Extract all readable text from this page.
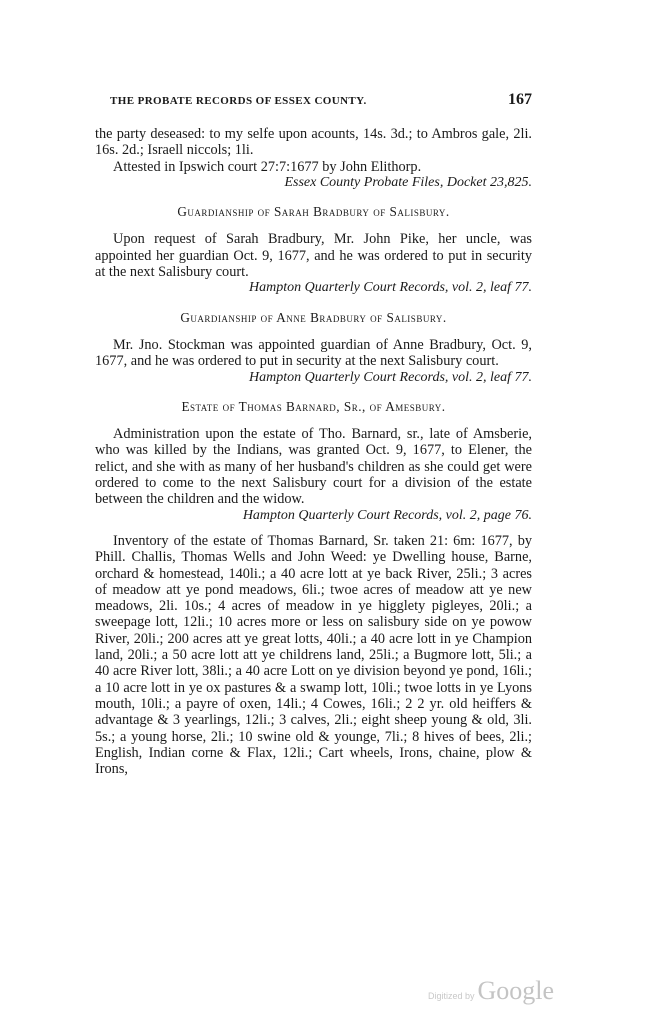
THE PROBATE RECORDS OF ESSEX COUNTY.	167

the party deseased: to my selfe upon acounts, 14s. 3d.; to Ambros gale, 2li. 16s. 2d.; Israell niccols; 1li.

Attested in Ipswich court 27:7:1677 by John Elithorp.

Essex County Probate Files, Docket 23,825.

Guardianship of Sarah Bradbury of Salisbury.

Upon request of Sarah Bradbury, Mr. John Pike, her uncle, was appointed her guardian Oct. 9, 1677, and he was ordered to put in security at the next Salisbury court.

Hampton Quarterly Court Records, vol. 2, leaf 77.

Guardianship of Anne Bradbury of Salisbury.

Mr. Jno. Stockman was appointed guardian of Anne Bradbury, Oct. 9, 1677, and he was ordered to put in security at the next Salisbury court.

Hampton Quarterly Court Records, vol. 2, leaf 77.

Estate of Thomas Barnard, Sr., of Amesbury.

Administration upon the estate of Tho. Barnard, sr., late of Amsberie, who was killed by the Indians, was granted Oct. 9, 1677, to Elener, the relict, and she with as many of her husband's children as she could get were ordered to come to the next Salisbury court for a division of the estate between the children and the widow.

Hampton Quarterly Court Records, vol. 2, page 76.

Inventory of the estate of Thomas Barnard, Sr. taken 21: 6m: 1677, by Phill. Challis, Thomas Wells and John Weed: ye Dwelling house, Barne, orchard & homestead, 140li.; a 40 acre lott at ye back River, 25li.; 3 acres of meadow att ye pond meadows, 6li.; twoe acres of meadow att ye new meadows, 2li. 10s.; 4 acres of meadow in ye higglety pigleyes, 20li.; a sweepage lott, 12li.; 10 acres more or less on salisbury side on ye powow River, 20li.; 200 acres att ye great lotts, 40li.; a 40 acre lott in ye Champion land, 20li.; a 50 acre lott att ye childrens land, 25li.; a Bugmore lott, 5li.; a 40 acre River lott, 38li.; a 40 acre Lott on ye division beyond ye pond, 16li.; a 10 acre lott in ye ox pastures & a swamp lott, 10li.; twoe lotts in ye Lyons mouth, 10li.; a payre of oxen, 14li.; 4 Cowes, 16li.; 2 2 yr. old heiffers & advantage & 3 yearlings, 12li.; 3 calves, 2li.; eight sheep young & old, 3li. 5s.; a young horse, 2li.; 10 swine old & younge, 7li.; 8 hives of bees, 2li.; English, Indian corne & Flax, 12li.; Cart wheels, Irons, chaine, plow & Irons,

Digitized by Google
